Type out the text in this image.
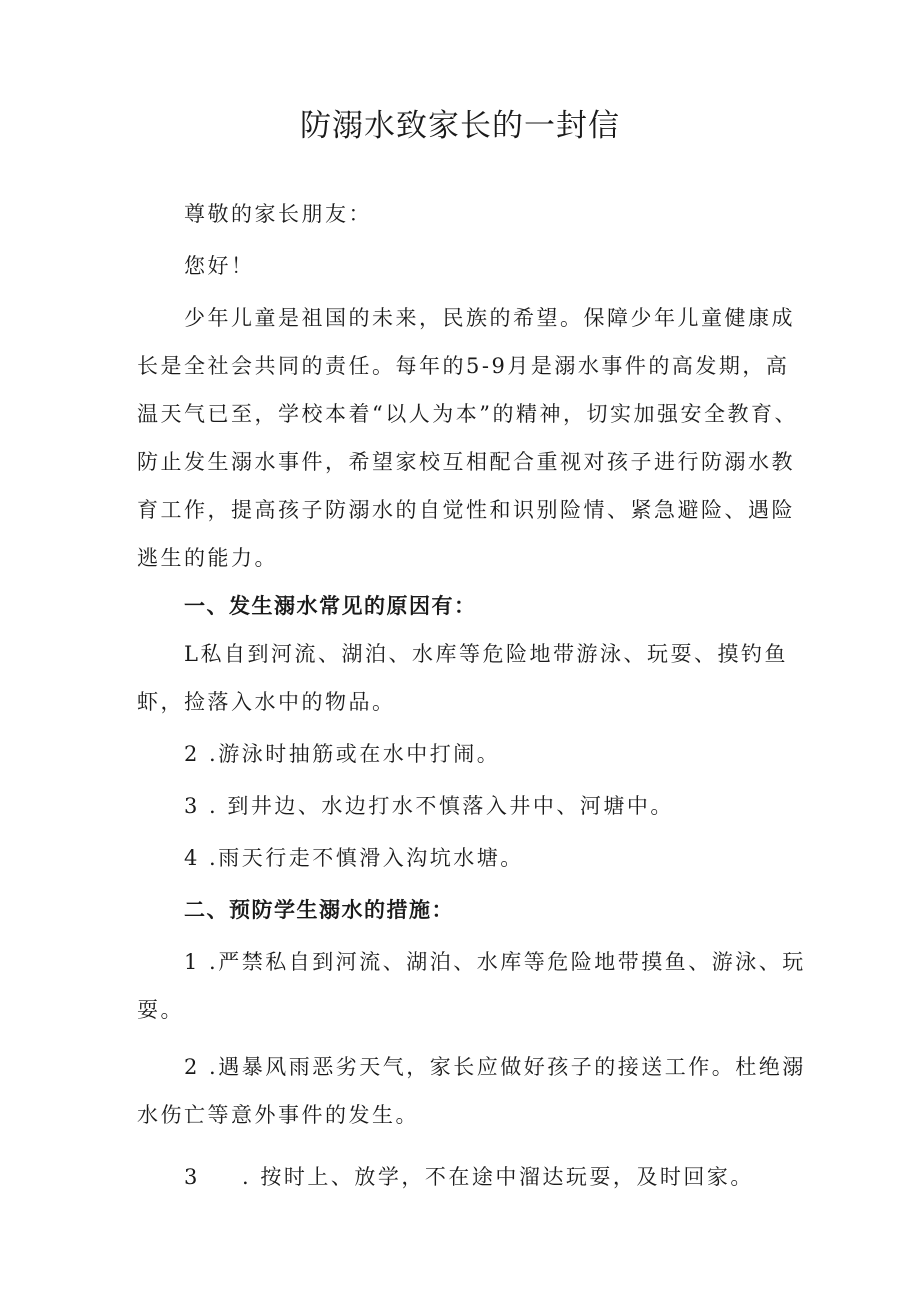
防溺水致家长的一封信
尊敬的家长朋友：
您好！
少年儿童是祖国的未来，民族的希望。保障少年儿童健康成
长是全社会共同的责任。每年的5-9月是溺水事件的高发期，高
温天气已至，学校本着“以人为本”的精神，切实加强安全教育、
防止发生溺水事件，希望家校互相配合重视对孩子进行防溺水教
育工作，提高孩子防溺水的自觉性和识别险情、紧急避险、遇险
逃生的能力。
一、发生溺水常见的原因有：
L私自到河流、湖泊、水库等危险地带游泳、玩耍、摸钓鱼
虾，捡落入水中的物品。
2 .游泳时抽筋或在水中打闹。
3 . 到井边、水边打水不慎落入井中、河塘中。
4 .雨天行走不慎滑入沟坑水塘。
二、预防学生溺水的措施：
1 .严禁私自到河流、湖泊、水库等危险地带摸鱼、游泳、玩
耍。
2 .遇暴风雨恶劣天气，家长应做好孩子的接送工作。杜绝溺
水伤亡等意外事件的发生。
3 . 按时上、放学，不在途中溜达玩耍，及时回家。
